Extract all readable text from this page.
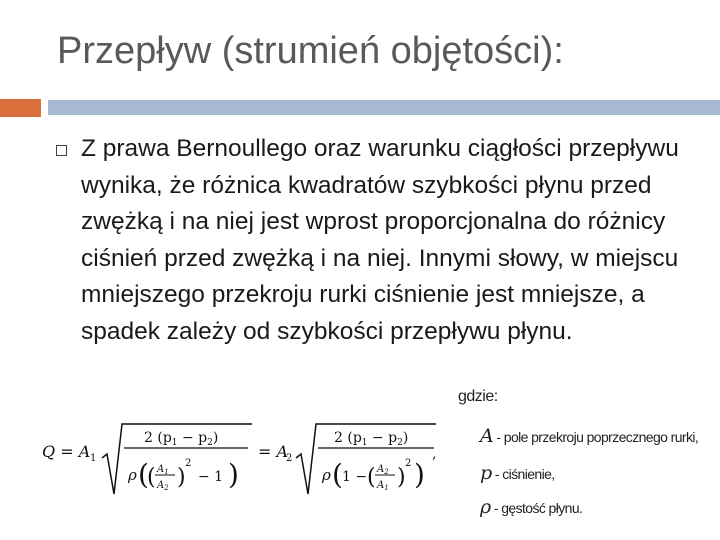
Przepływ (strumień objętości):
Z prawa Bernoullego oraz warunku ciągłości przepływu wynika, że różnica kwadratów szybkości płynu przed zwężką i na niej jest wprost proporcjonalna do różnicy ciśnień przed zwężką i na niej. Innymi słowy, w miejscu mniejszego przekroju rurki ciśnienie jest mniejsze, a spadek zależy od szybkości przepływu płynu.
gdzie:
Q = A 1
2 $(p_1 - p_2)$
ρ (
( $A_1$
$A_2$ )
2
− 1 )
= A
2
2 $(p_1 - p_2)$
ρ ( 1 − ( $A_2$
$A_1$ )
2 )
,
A - pole przekroju poprzecznego rurki,
p - ciśnienie,
ρ - gęstość płynu.
